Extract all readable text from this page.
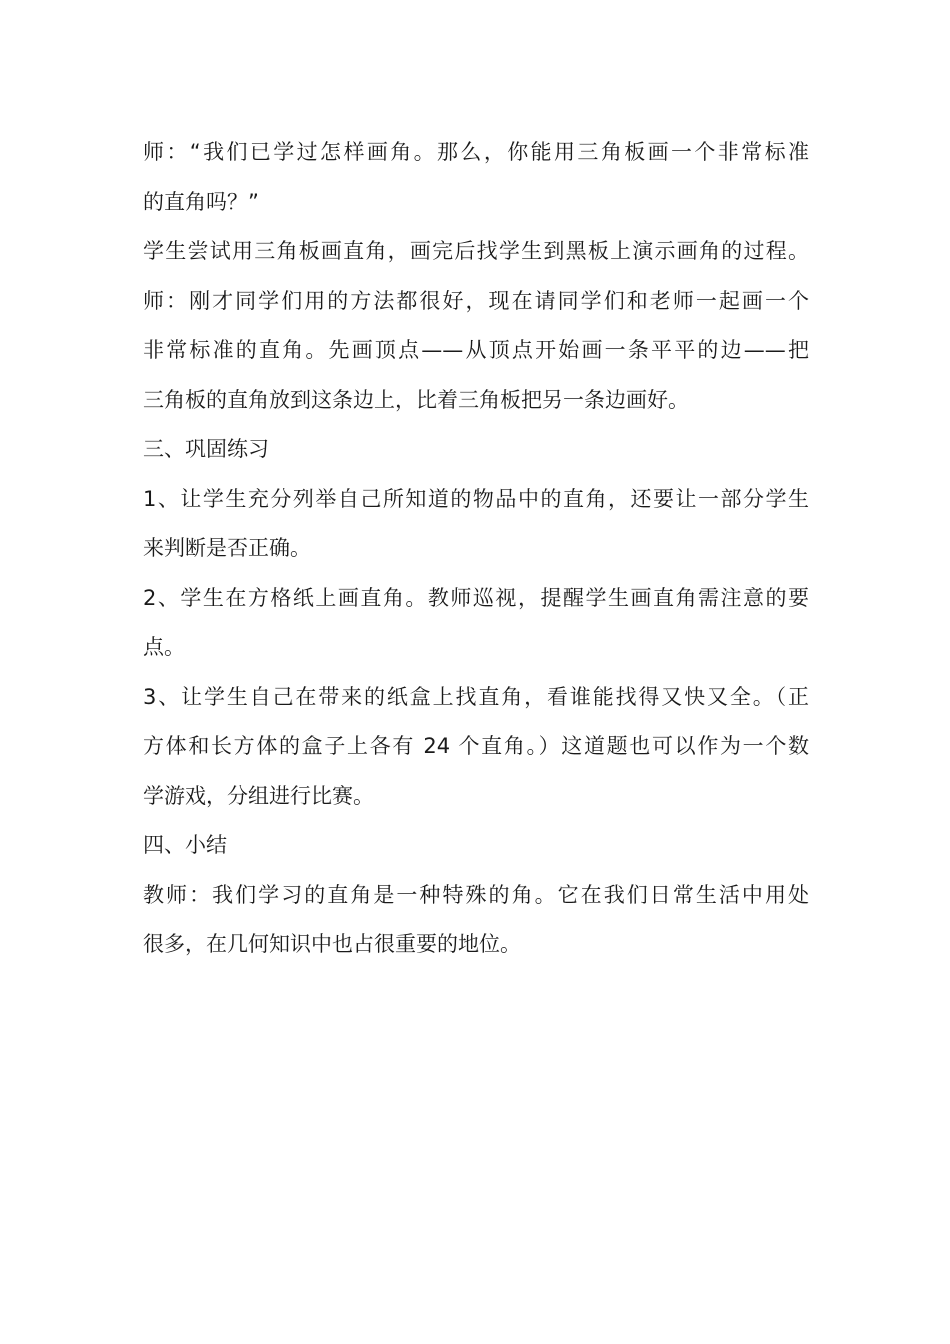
师：“我们已学过怎样画角。那么，你能用三角板画一个非常标准
的直角吗？”
学生尝试用三角板画直角，画完后找学生到黑板上演示画角的过程。
师：刚才同学们用的方法都很好，现在请同学们和老师一起画一个
非常标准的直角。先画顶点——从顶点开始画一条平平的边——把
三角板的直角放到这条边上，比着三角板把另一条边画好。
三、巩固练习
1、让学生充分列举自己所知道的物品中的直角，还要让一部分学生
来判断是否正确。
2、学生在方格纸上画直角。教师巡视，提醒学生画直角需注意的要
点。
3、让学生自己在带来的纸盒上找直角，看谁能找得又快又全。（正
方体和长方体的盒子上各有 24 个直角。）这道题也可以作为一个数
学游戏，分组进行比赛。
四、小结
教师：我们学习的直角是一种特殊的角。它在我们日常生活中用处
很多，在几何知识中也占很重要的地位。
